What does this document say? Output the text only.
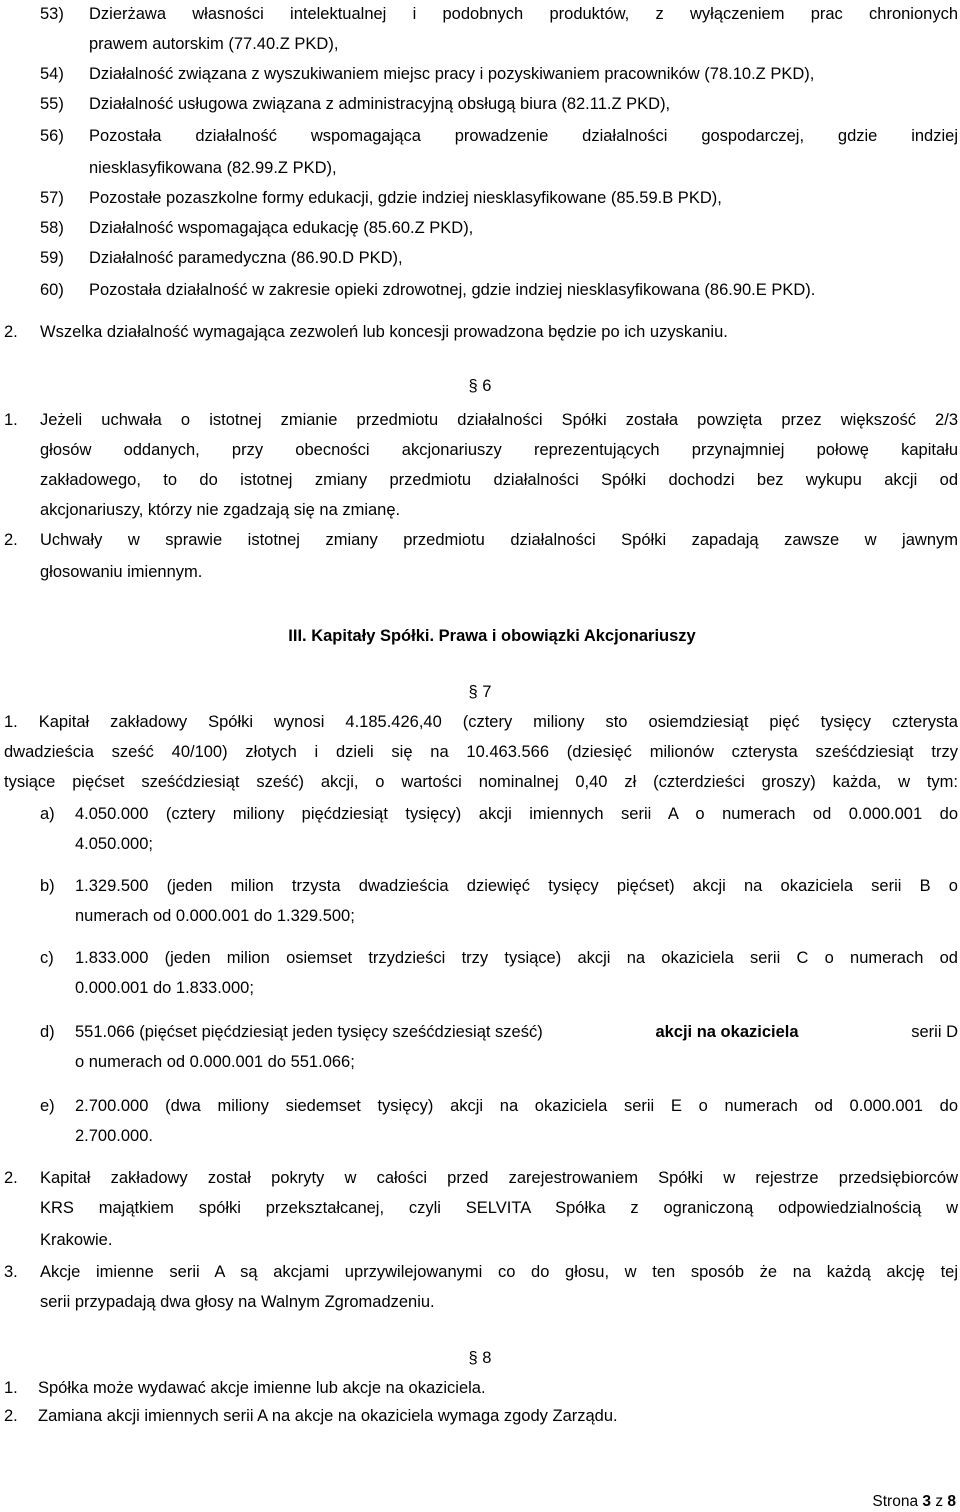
53) Dzierżawa własności intelektualnej i podobnych produktów, z wyłączeniem prac chronionych
prawem autorskim (77.40.Z PKD),
54) Działalność związana z wyszukiwaniem miejsc pracy i pozyskiwaniem pracowników (78.10.Z PKD),
55) Działalność usługowa związana z administracyjną obsługą biura (82.11.Z PKD),
56) Pozostała działalność wspomagająca prowadzenie działalności gospodarczej, gdzie indziej
niesklasyfikowana (82.99.Z PKD),
57) Pozostałe pozaszkolne formy edukacji, gdzie indziej niesklasyfikowane (85.59.B PKD),
58) Działalność wspomagająca edukację (85.60.Z PKD),
59) Działalność paramedyczna (86.90.D PKD),
60) Pozostała działalność w zakresie opieki zdrowotnej, gdzie indziej niesklasyfikowana (86.90.E PKD).
2. Wszelka działalność wymagająca zezwoleń lub koncesji prowadzona będzie po ich uzyskaniu.
§ 6
1. Jeżeli uchwała o istotnej zmianie przedmiotu działalności Spółki została powzięta przez większość 2/3
głosów oddanych, przy obecności akcjonariuszy reprezentujących przynajmniej połowę kapitału
zakładowego, to do istotnej zmiany przedmiotu działalności Spółki dochodzi bez wykupu akcji od
akcjonariuszy, którzy nie zgadzają się na zmianę.
2. Uchwały w sprawie istotnej zmiany przedmiotu działalności Spółki zapadają zawsze w jawnym
głosowaniu imiennym.
III. Kapitały Spółki. Prawa i obowiązki Akcjonariuszy
§ 7
1. Kapitał zakładowy Spółki wynosi 4.185.426,40 (cztery miliony sto osiemdziesiąt pięć tysięcy czterysta
dwadzieścia sześć 40/100) złotych i dzieli się na 10.463.566 (dziesięć milionów czterysta sześćdziesiąt trzy
tysiące pięćset sześćdziesiąt sześć) akcji, o wartości nominalnej 0,40 zł (czterdzieści groszy) każda, w tym:
a) 4.050.000 (cztery miliony pięćdziesiąt tysięcy) akcji imiennych serii A o numerach od 0.000.001 do
4.050.000;
b) 1.329.500 (jeden milion trzysta dwadzieścia dziewięć tysięcy pięćset) akcji na okaziciela serii B o
numerach od 0.000.001 do 1.329.500;
c) 1.833.000 (jeden milion osiemset trzydzieści trzy tysiące) akcji na okaziciela serii C o numerach od
0.000.001 do 1.833.000;
d) 551.066 (pięćset pięćdziesiąt jeden tysięcy sześćdziesiąt sześć)	akcji na okaziciela	serii D
o numerach od 0.000.001 do 551.066;
e) 2.700.000 (dwa miliony siedemset tysięcy) akcji na okaziciela serii E o numerach od 0.000.001 do
2.700.000.
2. Kapitał zakładowy został pokryty w całości przed zarejestrowaniem Spółki w rejestrze przedsiębiorców
KRS majątkiem spółki przekształcanej, czyli SELVITA Spółka z ograniczoną odpowiedzialnością w
Krakowie.
3. Akcje imienne serii A są akcjami uprzywilejowanymi co do głosu, w ten sposób że na każdą akcję tej
serii przypadają dwa głosy na Walnym Zgromadzeniu.
§ 8
1. Spółka może wydawać akcje imienne lub akcje na okaziciela.
2. Zamiana akcji imiennych serii A na akcje na okaziciela wymaga zgody Zarządu.
Strona 3 z 8
